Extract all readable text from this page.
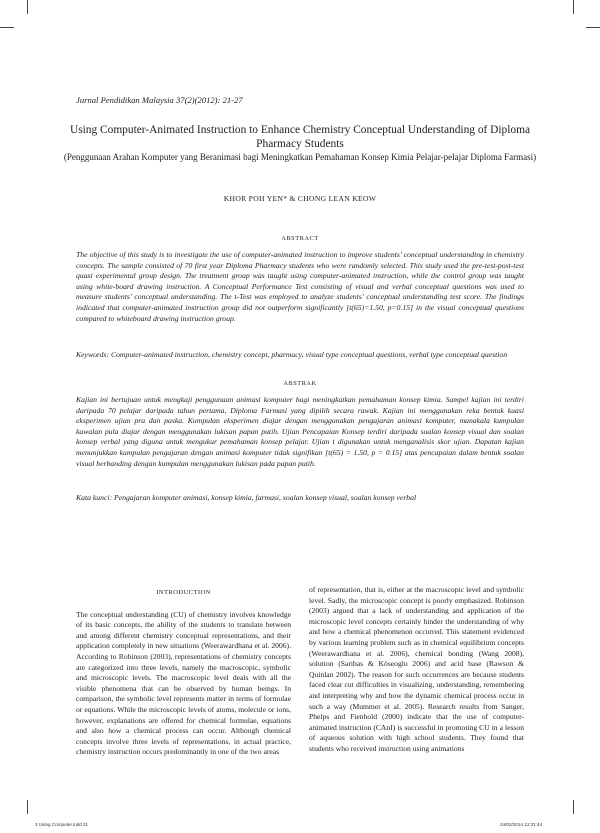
Jurnal Pendidikan Malaysia 37(2)(2012): 21-27
Using Computer-Animated Instruction to Enhance Chemistry Conceptual Understanding of Diploma Pharmacy Students
(Penggunaan Arahan Komputer yang Beranimasi bagi Meningkatkan Pemahaman Konsep Kimia Pelajar-pelajar Diploma Farmasi)
KHOR POH YEN* & CHONG LEAN KEOW
ABSTRACT
The objective of this study is to investigate the use of computer-animated instruction to improve students’ conceptual understanding in chemistry concepts. The sample consisted of 70 first year Diploma Pharmacy students who were randomly selected. This study used the pre-test-post-test quasi experimental group design. The treatment group was taught using computer-animated instruction, while the control group was taught using white-board drawing instruction. A Conceptual Performance Test consisting of visual and verbal conceptual questions was used to measure students’ conceptual understanding. The t-Test was employed to analyze students’ conceptual understanding test score. The findings indicated that computer-animated instruction group did not outperform significantly [t(65)=1.50, p=0.15] in the visual conceptual questions compared to whiteboard drawing instruction group.
Keywords: Computer-animated instruction, chemistry concept, pharmacy, visual type conceptual questions, verbal type conceptual question
ABSTRAK
Kajian ini bertujuan untuk mengkaji penggunaan animasi komputer bagi meningkatkan pemahaman konsep kimia. Sampel kajian ini terdiri daripada 70 pelajar daripada tahun pertama, Diploma Farmasi yang dipilih secara rawak. Kajian ini menggunakan reka bentuk kuasi eksperimen ujian pra dan paska. Kumpulan eksperimen diajar dengan menggunakan pengajaran animasi komputer, manakala kumpulan kawalan pula diajar dengan menggunakan lukisan papan putih. Ujian Pencapaian Konsep terdiri daripada soalan konsep visual dan soalan konsep verbal yang diguna untuk mengukur pemahaman konsep pelajar. Ujian t digunakan untuk menganalisis skor ujian. Dapatan kajian menunjukkan kumpulan pengajaran dengan animasi komputer tidak signifikan [t(65) = 1.50, p = 0.15] atas pencapaian dalam bentuk soalan visual berbanding dengan kumpulan menggunakan lukisan pada papan putih.
Kata kunci: Pengajaran komputer animasi, konsep kimia, farmasi, soalan konsep visual, soalan konsep verbal
INTRODUCTION
The conceptual understanding (CU) of chemistry involves knowledge of its basic concepts, the ability of the students to translate between and among different chemistry conceptual representations, and their application completely in new situations (Weerawardhana et al. 2006). According to Robinson (2003), representations of chemistry concepts are categorized into three levels, namely the macroscopic, symbolic and microscopic levels. The macroscopic level deals with all the visible phenomena that can be observed by human beings. In comparison, the symbolic level represents matter in terms of formulae or equations. While the microscopic levels of atoms, molecule or ions, however, explanations are offered for chemical formulae, equations and also how a chemical process can occur. Although chemical concepts involve three levels of representations, in actual practice, chemistry instruction occurs predominantly in one of the two areas
of representation, that is, either at the macroscopic level and symbolic level. Sadly, the microscopic concept is poorly emphasized. Robinson (2003) argued that a lack of understanding and application of the microscopic level concepts certainly hinder the understanding of why and how a chemical phenomenon occurred. This statement evidenced by various learning problem such as in chemical equilibrium concepts (Weerawardhana et al. 2006), chemical bonding (Wang 2008), solution (Saribas & Köseoglu 2006) and acid base (Rawson & Quinlan 2002). The reason for such occurrences are because students faced clear cut difficulties in visualizing, understanding, remembering and interpreting why and how the dynamic chemical process occur in such a way (Mummer et al. 2005). Research results from Sanger, Phelps and Fienhold (2000) indicate that the use of computer-animated instruction (CAnI) is successful in promoting CU in a lesson of aqueous solution with high school students. They found that students who received instruction using animations
3 Using Computer.indd 21	24/02/2014 12:31:44
